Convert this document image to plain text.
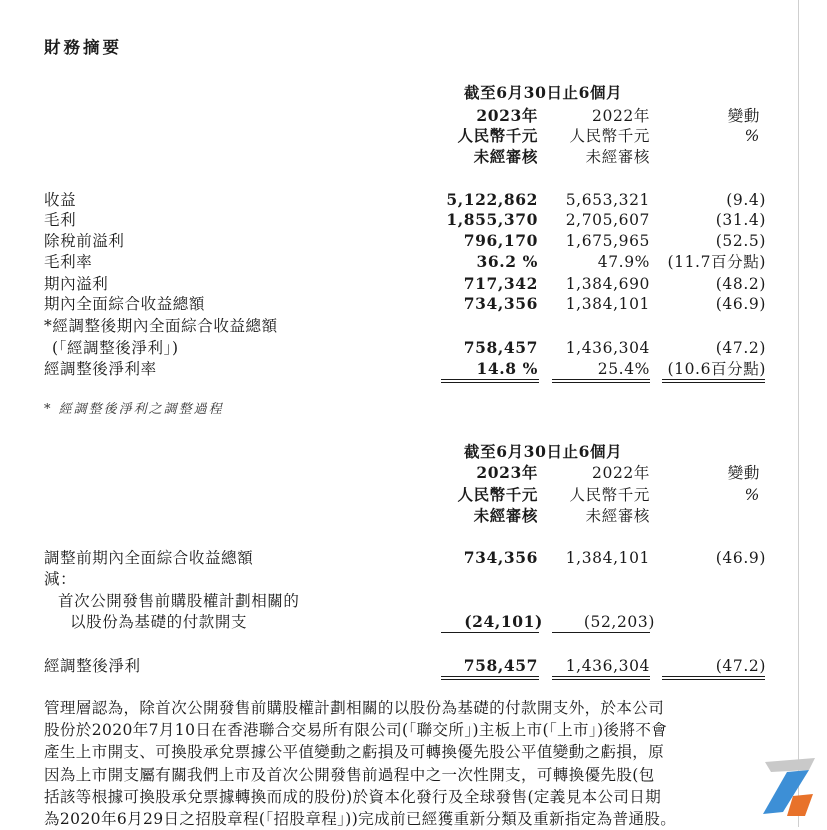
財務摘要
截至6月30日止6個月
2023年	2022年	變動
人民幣千元	人民幣千元	%
未經審核	未經審核
收益	5,122,862	5,653,321	(9.4)
毛利	1,855,370	2,705,607	(31.4)
除稅前溢利	796,170	1,675,965	(52.5)
毛利率	36.2 %	47.9%	(11.7百分點)
期內溢利	717,342	1,384,690	(48.2)
期內全面綜合收益總額	734,356	1,384,101	(46.9)
*經調整後期內全面綜合收益總額
(「經調整後淨利」)	758,457	1,436,304	(47.2)
經調整後淨利率	14.8 %	25.4%	(10.6百分點)
* 經調整後淨利之調整過程
截至6月30日止6個月
2023年	2022年	變動
人民幣千元	人民幣千元	%
未經審核	未經審核
調整前期內全面綜合收益總額	734,356	1,384,101	(46.9)
減：
首次公開發售前購股權計劃相關的
以股份為基礎的付款開支	(24,101)	(52,203)
經調整後淨利	758,457	1,436,304	(47.2)
管理層認為，除首次公開發售前購股權計劃相關的以股份為基礎的付款開支外，於本公司
股份於2020年7月10日在香港聯合交易所有限公司(「聯交所」)主板上市(「上市」)後將不會
產生上市開支、可換股承兌票據公平值變動之虧損及可轉換優先股公平值變動之虧損，原
因為上市開支屬有關我們上市及首次公開發售前過程中之一次性開支，可轉換優先股(包
括該等根據可換股承兌票據轉換而成的股份)於資本化發行及全球發售(定義見本公司日期
為2020年6月29日之招股章程(「招股章程」))完成前已經獲重新分類及重新指定為普通股。
